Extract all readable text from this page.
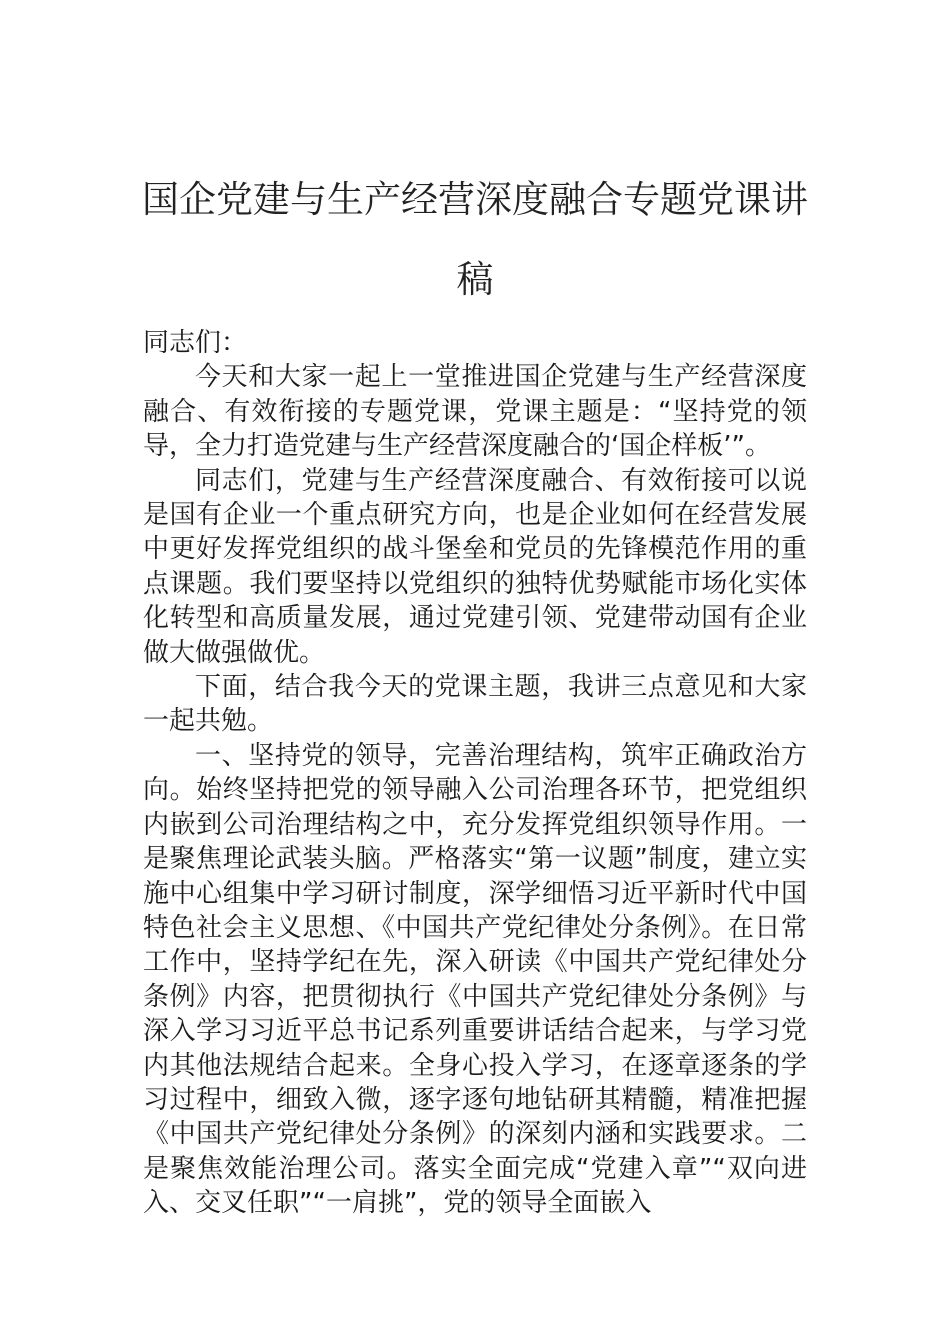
国企党建与生产经营深度融合专题党课讲稿

同志们：

今天和大家一起上一堂推进国企党建与生产经营深度融合、有效衔接的专题党课，党课主题是：“坚持党的领导，全力打造党建与生产经营深度融合的‘国企样板’”。

同志们，党建与生产经营深度融合、有效衔接可以说是国有企业一个重点研究方向，也是企业如何在经营发展中更好发挥党组织的战斗堡垒和党员的先锋模范作用的重点课题。我们要坚持以党组织的独特优势赋能市场化实体化转型和高质量发展，通过党建引领、党建带动国有企业做大做强做优。

下面，结合我今天的党课主题，我讲三点意见和大家一起共勉。

一、坚持党的领导，完善治理结构，筑牢正确政治方向。始终坚持把党的领导融入公司治理各环节，把党组织内嵌到公司治理结构之中，充分发挥党组织领导作用。一是聚焦理论武装头脑。严格落实“第一议题”制度，建立实施中心组集中学习研讨制度，深学细悟习近平新时代中国特色社会主义思想、《中国共产党纪律处分条例》。在日常工作中，坚持学纪在先，深入研读《中国共产党纪律处分条例》内容，把贯彻执行《中国共产党纪律处分条例》与深入学习习近平总书记系列重要讲话结合起来，与学习党内其他法规结合起来。全身心投入学习，在逐章逐条的学习过程中，细致入微，逐字逐句地钻研其精髓，精准把握《中国共产党纪律处分条例》的深刻内涵和实践要求。二是聚焦效能治理公司。落实全面完成“党建入章”“双向进入、交叉任职”“一肩挑”，党的领导全面嵌入
